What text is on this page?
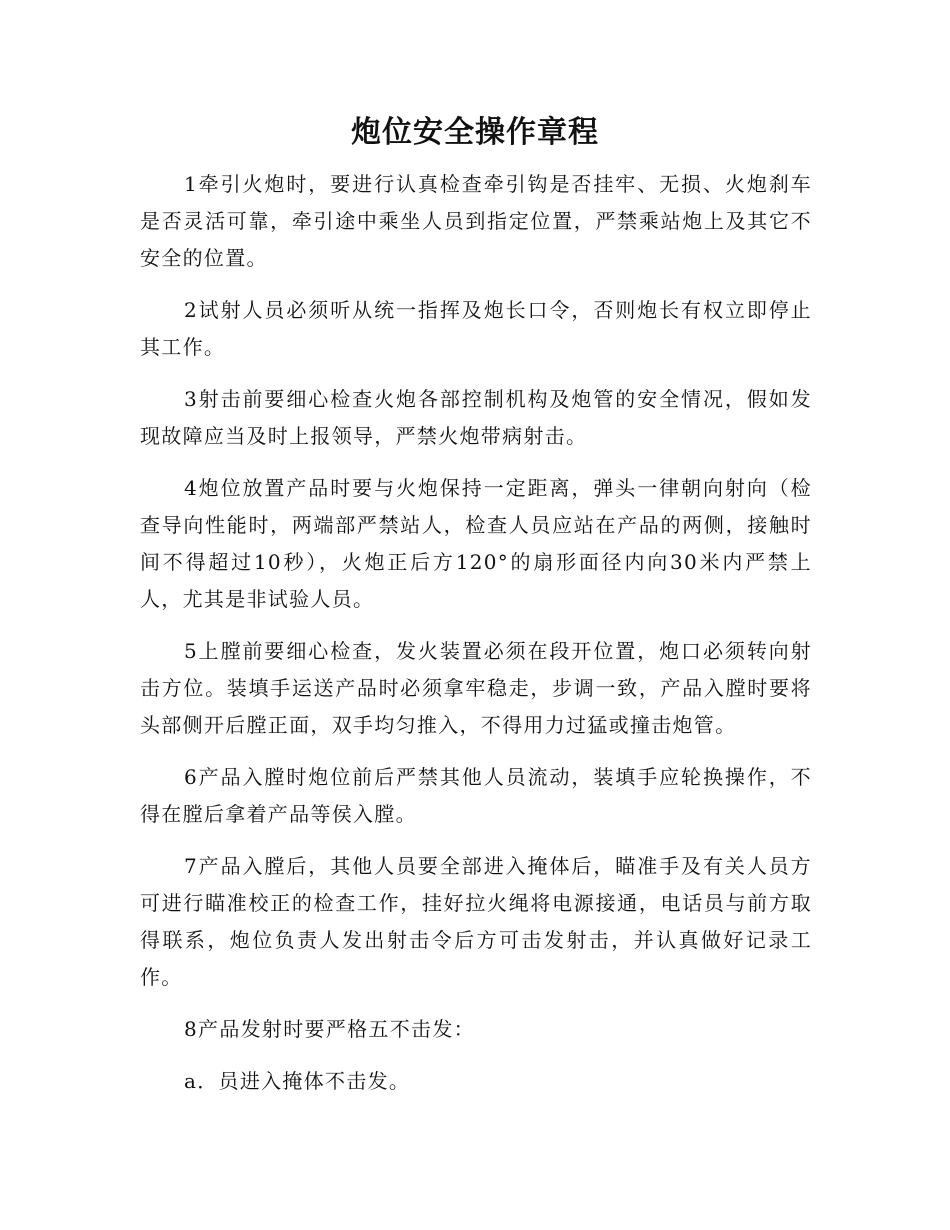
炮位安全操作章程

1牵引火炮时，要进行认真检查牵引钩是否挂牢、无损、火炮刹车是否灵活可靠，牵引途中乘坐人员到指定位置，严禁乘站炮上及其它不安全的位置。

2试射人员必须听从统一指挥及炮长口令，否则炮长有权立即停止其工作。

3射击前要细心检查火炮各部控制机构及炮管的安全情况，假如发现故障应当及时上报领导，严禁火炮带病射击。

4炮位放置产品时要与火炮保持一定距离，弹头一律朝向射向（检查导向性能时，两端部严禁站人，检查人员应站在产品的两侧，接触时间不得超过10秒），火炮正后方120°的扇形面径内向30米内严禁上人，尤其是非试验人员。

5上膛前要细心检查，发火装置必须在段开位置，炮口必须转向射击方位。装填手运送产品时必须拿牢稳走，步调一致，产品入膛时要将头部侧开后膛正面，双手均匀推入，不得用力过猛或撞击炮管。

6产品入膛时炮位前后严禁其他人员流动，装填手应轮换操作，不得在膛后拿着产品等侯入膛。

7产品入膛后，其他人员要全部进入掩体后，瞄准手及有关人员方可进行瞄准校正的检查工作，挂好拉火绳将电源接通，电话员与前方取得联系，炮位负责人发出射击令后方可击发射击，并认真做好记录工作。

8产品发射时要严格五不击发：

a．员进入掩体不击发。
